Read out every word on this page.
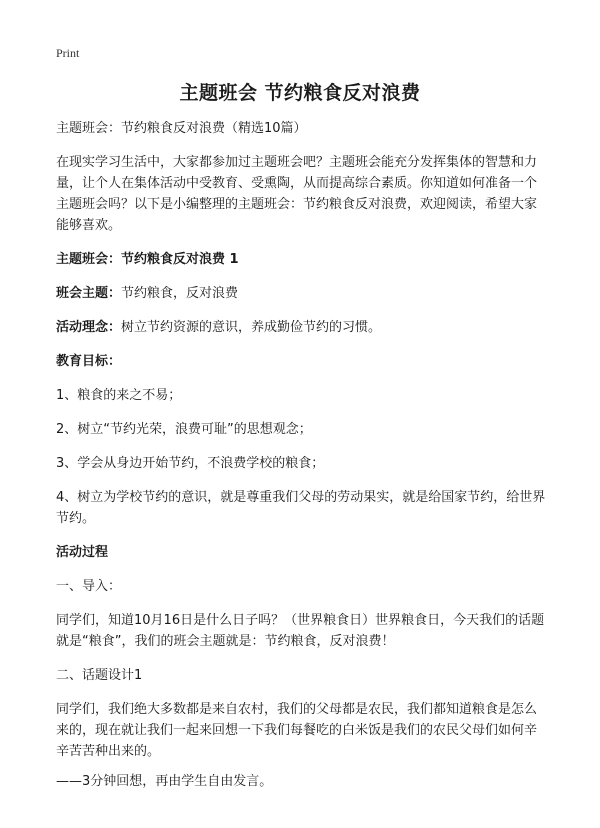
Print
主题班会 节约粮食反对浪费

主题班会：节约粮食反对浪费（精选10篇）

在现实学习生活中，大家都参加过主题班会吧？主题班会能充分发挥集体的智慧和力量，让个人在集体活动中受教育、受熏陶，从而提高综合素质。你知道如何准备一个主题班会吗？以下是小编整理的主题班会：节约粮食反对浪费，欢迎阅读，希望大家能够喜欢。

主题班会：节约粮食反对浪费 1

班会主题：节约粮食，反对浪费

活动理念：树立节约资源的意识，养成勤俭节约的习惯。

教育目标：

1、粮食的来之不易；

2、树立“节约光荣，浪费可耻”的思想观念；

3、学会从身边开始节约，不浪费学校的粮食；

4、树立为学校节约的意识，就是尊重我们父母的劳动果实，就是给国家节约，给世界节约。

活动过程

一、导入：

同学们，知道10月16日是什么日子吗？（世界粮食日）世界粮食日，今天我们的话题就是“粮食”，我们的班会主题就是：节约粮食，反对浪费！

二、话题设计1

同学们，我们绝大多数都是来自农村，我们的父母都是农民，我们都知道粮食是怎么来的，现在就让我们一起来回想一下我们每餐吃的白米饭是我们的农民父母们如何辛辛苦苦种出来的。

——3分钟回想，再由学生自由发言。
